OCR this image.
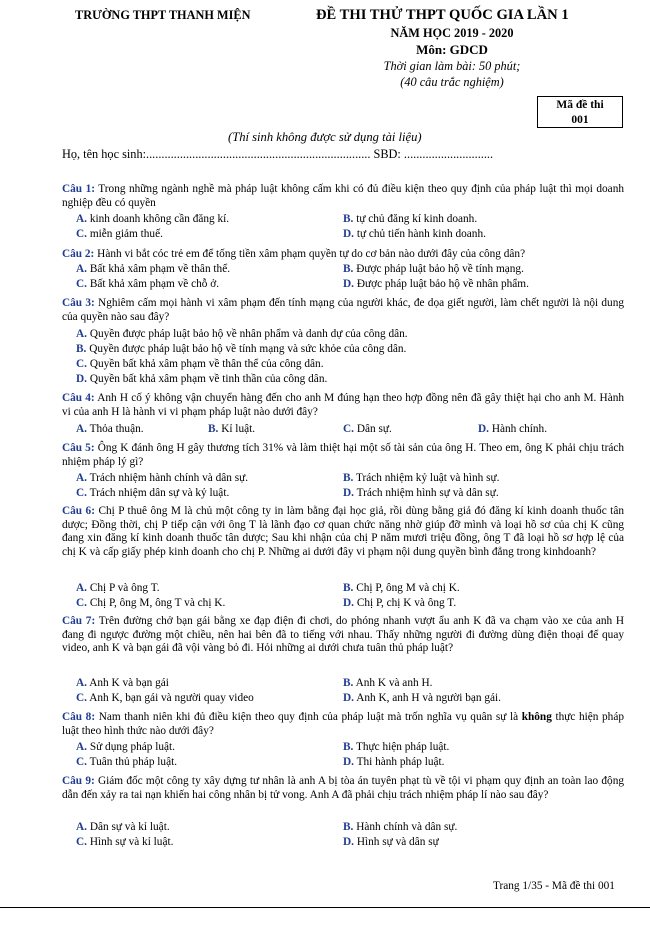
TRƯỜNG THPT THANH MIỆN	ĐỀ THI THỬ THPT QUỐC GIA LẦN 1
NĂM HỌC 2019 - 2020
Môn: GDCD
Thời gian làm bài: 50 phút;
(40 câu trắc nghiệm)
Mã đề thi
001
(Thí sinh không được sử dụng tài liệu)
Họ, tên học sinh:......................................................................... SBD: .............................
Câu 1: Trong những ngành nghề mà pháp luật không cấm khi có đủ điều kiện theo quy định của pháp luật thì mọi doanh nghiệp đều có quyền
A. kinh doanh không cần đăng kí.	B. tự chủ đăng kí kinh doanh.
C. miễn giảm thuế.	D. tự chủ tiến hành kinh doanh.
Câu 2: Hành vi bắt cóc trẻ em để tống tiền xâm phạm quyền tự do cơ bản nào dưới đây của công dân?
A. Bất khả xâm phạm về thân thể.	B. Được pháp luật bảo hộ về tính mạng.
C. Bất khả xâm phạm về chỗ ở.	D. Được pháp luật bảo hộ về nhân phẩm.
Câu 3: Nghiêm cấm mọi hành vi xâm phạm đến tính mạng của người khác, đe dọa giết người, làm chết người là nội dung của quyền nào sau đây?
A. Quyền được pháp luật bảo hộ về nhân phẩm và danh dự của công dân.
B. Quyền được pháp luật bảo hộ về tính mạng và sức khỏe của công dân.
C. Quyền bất khả xâm phạm về thân thể của công dân.
D. Quyền bất khả xâm phạm về tinh thần của công dân.
Câu 4: Anh H cố ý không vận chuyển hàng đến cho anh M đúng hạn theo hợp đồng nên đã gây thiệt hại cho anh M. Hành vi của anh H là hành vi vi phạm pháp luật nào dưới đây?
A. Thỏa thuận.	B. Kỉ luật.	C. Dân sự.	D. Hành chính.
Câu 5: Ông K đánh ông H gây thương tích 31% và làm thiệt hại một số tài sản của ông H. Theo em, ông K phải chịu trách nhiệm pháp lý gì?
A. Trách nhiệm hành chính và dân sự.	B. Trách nhiệm kỷ luật và hình sự.
C. Trách nhiệm dân sự và kỷ luật.	D. Trách nhiệm hình sự và dân sự.
Câu 6: Chị P thuê ông M là chủ một công ty in làm bằng đại học giả, rồi dùng bằng giả đó đăng kí kinh doanh thuốc tân dược; Đồng thời, chị P tiếp cận với ông T là lãnh đạo cơ quan chức năng nhờ giúp đỡ mình và loại hồ sơ của chị K cũng đang xin đăng kí kinh doanh thuốc tân dược; Sau khi nhận của chị P năm mươi triệu đồng, ông T đã loại hồ sơ hợp lệ của chị K và cấp giấy phép kinh doanh cho chị P. Những ai dưới đây vi phạm nội dung quyền bình đẳng trong kinhdoanh?
A. Chị P và ông T.	B. Chị P, ông M và chị K.
C. Chị P, ông M, ông T và chị K.	D. Chị P, chị K và ông T.
Câu 7: Trên đường chở bạn gái bằng xe đạp điện đi chơi, do phóng nhanh vượt ẩu anh K đã va chạm vào xe của anh H đang đi ngược đường một chiều, nên hai bên đã to tiếng với nhau. Thấy những người đi đường dùng điện thoại để quay video, anh K và bạn gái đã vội vàng bỏ đi. Hỏi những ai dưới chưa tuân thủ pháp luật?
A. Anh K và bạn gái	B. Anh K và anh H.
C. Anh K, bạn gái và người quay video	D. Anh K, anh H và người bạn gái.
Câu 8: Nam thanh niên khi đủ điều kiện theo quy định của pháp luật mà trốn nghĩa vụ quân sự là không thực hiện pháp luật theo hình thức nào dưới đây?
A. Sử dụng pháp luật.	B. Thực hiện pháp luật.
C. Tuân thủ pháp luật.	D. Thi hành pháp luật.
Câu 9: Giám đốc một công ty xây dựng tư nhân là anh A bị tòa án tuyên phạt tù về tội vi phạm quy định an toàn lao động dẫn đến xảy ra tai nạn khiến hai công nhân bị tử vong. Anh A đã phải chịu trách nhiệm pháp lí nào sau đây?
A. Dân sự và kỉ luật.	B. Hành chính và dân sự.
C. Hình sự và kỉ luật.	D. Hình sự và dân sự
Trang 1/35 - Mã đề thi 001
